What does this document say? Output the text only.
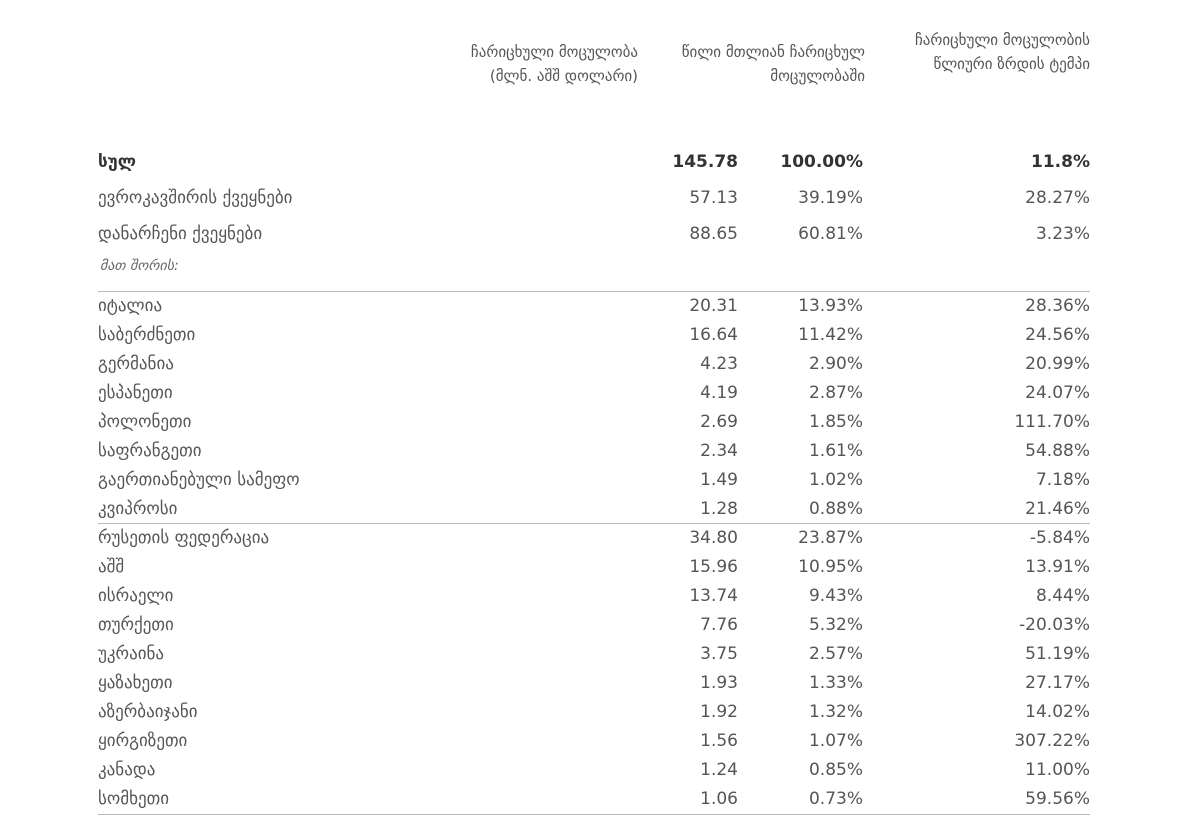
ჩარიცხული მოცულობა (მლნ. აშშ დოლარი)
წილი მთლიან ჩარიცხულ მოცულობაში
ჩარიცხული მოცულობის წლიური ზრდის ტემპი
სულ	145.78 100.00%	11.8%
ევროკავშირის ქვეყნები	57.13	39.19%	28.27%
დანარჩენი ქვეყნები	88.65	60.81%	3.23%
მათ შორის:
იტალია	20.31	13.93%	28.36%
საბერძნეთი	16.64	11.42%	24.56%
გერმანია	4.23	2.90%	20.99%
ესპანეთი	4.19	2.87%	24.07%
პოლონეთი	2.69	1.85%	111.70%
საფრანგეთი	2.34	1.61%	54.88%
გაერთიანებული სამეფო	1.49	1.02%	7.18%
კვიპროსი	1.28	0.88%	21.46%
რუსეთის ფედერაცია	34.80	23.87%	-5.84%
აშშ	15.96	10.95%	13.91%
ისრაელი	13.74	9.43%	8.44%
თურქეთი	7.76	5.32%	-20.03%
უკრაინა	3.75	2.57%	51.19%
ყაზახეთი	1.93	1.33%	27.17%
აზერბაიჯანი	1.92	1.32%	14.02%
ყირგიზეთი	1.56	1.07%	307.22%
კანადა	1.24	0.85%	11.00%
სომხეთი	1.06	0.73%	59.56%
